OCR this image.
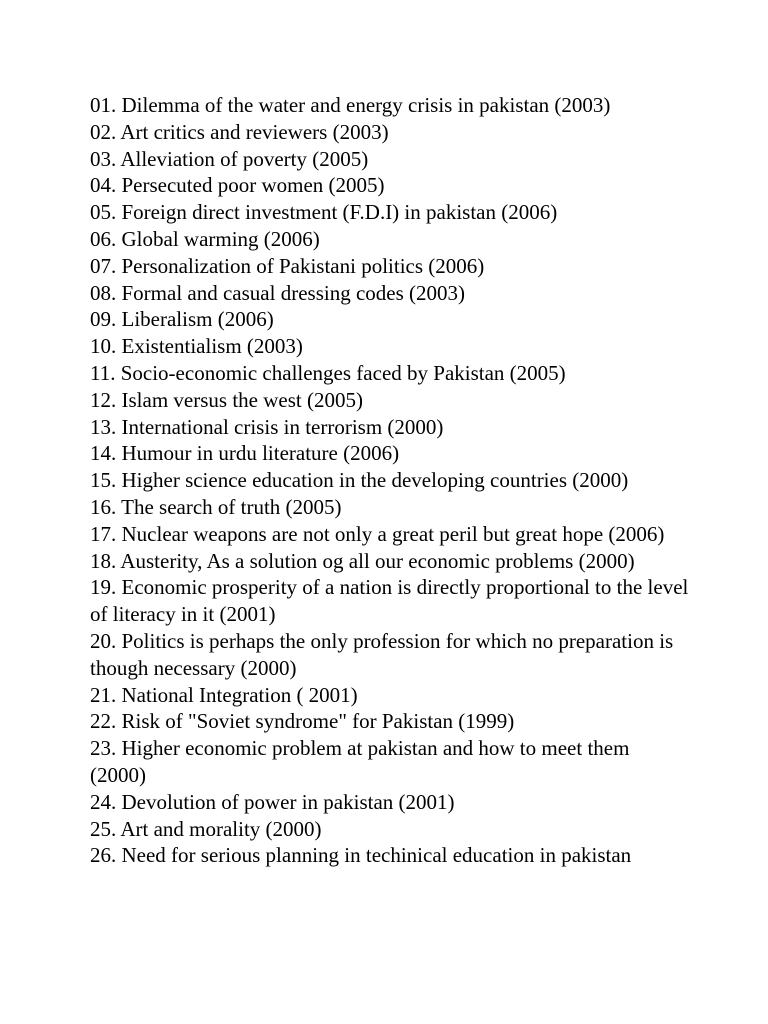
01. Dilemma of the water and energy crisis in pakistan (2003)
02. Art critics and reviewers (2003)
03. Alleviation of poverty (2005)
04. Persecuted poor women (2005)
05. Foreign direct investment (F.D.I) in pakistan (2006)
06. Global warming (2006)
07. Personalization of Pakistani politics (2006)
08. Formal and casual dressing codes (2003)
09. Liberalism (2006)
10. Existentialism (2003)
11. Socio-economic challenges faced by Pakistan (2005)
12. Islam versus the west (2005)
13. International crisis in terrorism (2000)
14. Humour in urdu literature (2006)
15. Higher science education in the developing countries (2000)
16. The search of truth (2005)
17. Nuclear weapons are not only a great peril but great hope (2006)
18. Austerity, As a solution og all our economic problems (2000)
19. Economic prosperity of a nation is directly proportional to the level of literacy in it (2001)
20. Politics is perhaps the only profession for which no preparation is though necessary (2000)
21. National Integration ( 2001)
22. Risk of "Soviet syndrome" for Pakistan (1999)
23. Higher economic problem at pakistan and how to meet them (2000)
24. Devolution of power in pakistan (2001)
25. Art and morality (2000)
26. Need for serious planning in techinical education in pakistan
